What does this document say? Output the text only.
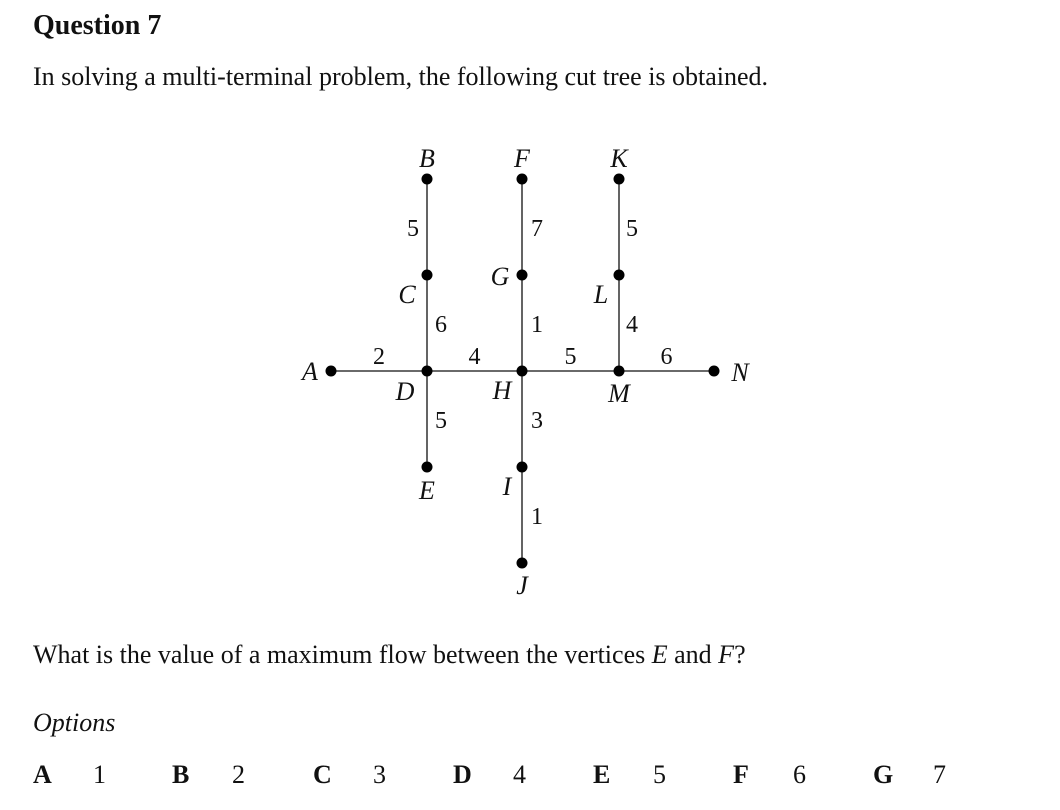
Question 7

In solving a multi-terminal problem, the following cut tree is obtained.

5
6
2
5
4
7
1
3
1
5
5
4
6
A
B
C
D
E
F
G
H
I
J
K
L
M
N

What is the value of a maximum flow between the vertices E and F?

Options

A 1	B 2	C 3	D 4	E 5	F 6	G 7
